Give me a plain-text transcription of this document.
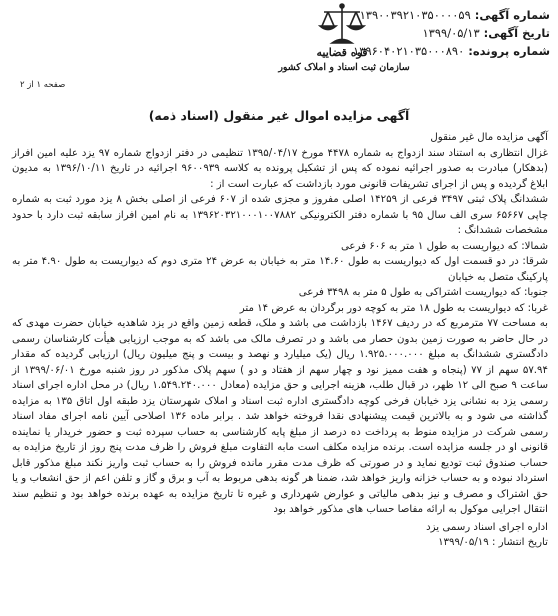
شماره آگهی:
۱۳۹۰۰۳۹۲۱۰۳۵۰۰۰۰۵۹
تاریخ آگهی:
۱۳۹۹/۰۵/۱۳
شماره پرونده:
۱۳۹۶۰۴۰۲۱۰۳۵۰۰۰۸۹۰
قوه قضاییه
سازمان ثبت اسناد و املاک کشور
صفحه ۱ از ۲
آگهی مزایده اموال غیر منقول (اسناد ذمه)

آگهی مزایده مال غیر منقول

غزال انتظاری به استناد سند ازدواج به شماره ۴۴۷۸ مورخ ۱۳۹۵/۰۴/۱۷ تنظیمی در دفتر ازدواج شماره ۹۷ یزد علیه امین افراز (بدهکار) مبادرت به صدور اجرائیه نموده که پس از تشکیل پرونده به کلاسه ۹۶۰۰۹۳۹ اجرائیه در تاریخ ۱۳۹۶/۱۰/۱۱ به مدیون ابلاغ گردیده و پس از اجرای تشریفات قانونی مورد بازداشت که عبارت است از :

ششدانگ پلاک ثبتی ۳۴۹۷ فرعی از ۱۴۲۵۹ اصلی مفروز و مجزی شده از ۶۰۷ فرعی از اصلی بخش ۸ یزد مورد ثبت به شماره چاپی ۶۵۶۶۷ سری الف سال ۹۵ با شماره دفتر الکترونیکی ۱۳۹۶۲۰۳۲۱۰۰۰۱۰۰۷۸۸۲ به نام امین افراز سابقه ثبت دارد با حدود مشخصات ششدانگ :

شمالا: که دیواریست به طول ۱ متر به ۶۰۶ فرعی

شرقا: در دو قسمت اول که دیواریست به طول ۱۴.۶۰ متر به خیابان به عرض ۲۴ متری دوم که دیواریست به طول ۴.۹۰ متر به پارکینگ متصل به خیابان

جنوبا: که دیواریست اشتراکی به طول ۵ متر به ۳۴۹۸ فرعی

غربا: که دیواریست به طول ۱۸ متر به کوچه دور برگردان به عرض ۱۴ متر

به مساحت ۷۷ مترمربع که در ردیف ۱۴۶۷ بازداشت می باشد و ملک، قطعه زمین واقع در یزد شاهدیه خیابان حضرت مهدی که در حال حاضر به صورت زمین بدون حصار می باشد و در تصرف مالک می باشد که به موجب ارزیابی هیأت کارشناسان رسمی دادگستری ششدانگ به مبلغ ۱.۹۲۵.۰۰۰.۰۰۰ ریال (یک میلیارد و نهصد و بیست و پنج میلیون ریال) ارزیابی گردیده که مقدار ۵۷.۹۴ سهم از ۷۷ (پنجاه و هفت ممیز نود و چهار سهم از هفتاد و دو ) سهم پلاک مذکور در روز شنبه مورخ ۱۳۹۹/۰۶/۰۱ از ساعت ۹ صبح الی ۱۲ ظهر، در قبال طلب، هزینه اجرایی و حق مزایده (معادل ۱.۵۴۹.۲۴۰.۰۰۰ ریال) در محل اداره اجرای اسناد رسمی یزد به نشانی یزد خیابان فرخی کوچه دادگستری اداره ثبت اسناد و املاک شهرستان یزد طبقه اول اتاق ۱۳۵ به مزایده گذاشته می شود و به بالاترین قیمت پیشنهادی نقدا فروخته خواهد شد . برابر ماده ۱۳۶ اصلاحی آیین نامه اجرای مفاد اسناد رسمی شرکت در مزایده منوط به پرداخت ده درصد از مبلغ پایه کارشناسی به حساب سپرده ثبت و حضور خریدار یا نماینده قانونی او در جلسه مزایده است. برنده مزایده مکلف است مابه التفاوت مبلغ فروش را ظرف مدت پنج روز از تاریخ مزایده به حساب صندوق ثبت تودیع نماید و در صورتی که ظرف مدت مقرر مانده فروش را به حساب ثبت واریز نکند مبلغ مذکور قابل استرداد نبوده و به حساب خزانه واریز خواهد شد، ضمنا هر گونه بدهی مربوط به آب و برق و گاز و تلفن اعم از حق انشعاب و یا حق اشتراک و مصرف و نیز بدهی مالیاتی و عوارض شهرداری و غیره تا تاریخ مزایده به عهده برنده خواهد بود و تنظیم سند انتقال اجرایی موکول به ارائه مفاصا حساب های مذکور خواهد بود

اداره اجرای اسناد رسمی یزد

تاریخ انتشار : ۱۳۹۹/۰۵/۱۹
